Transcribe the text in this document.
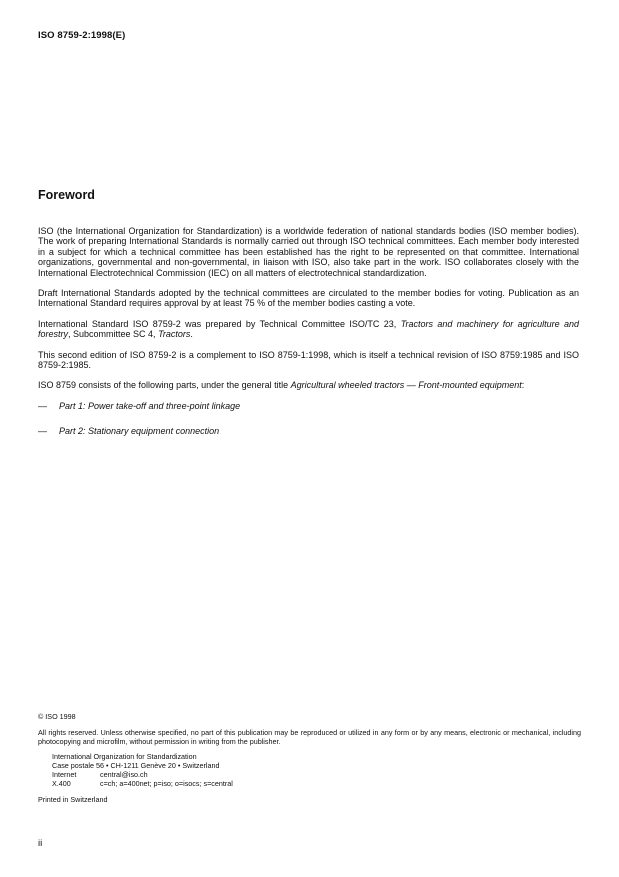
ISO 8759-2:1998(E)
Foreword

ISO (the International Organization for Standardization) is a worldwide federation of national standards bodies (ISO member bodies). The work of preparing International Standards is normally carried out through ISO technical committees. Each member body interested in a subject for which a technical committee has been established has the right to be represented on that committee. International organizations, governmental and non-governmental, in liaison with ISO, also take part in the work. ISO collaborates closely with the International Electrotechnical Commission (IEC) on all matters of electrotechnical standardization.

Draft International Standards adopted by the technical committees are circulated to the member bodies for voting. Publication as an International Standard requires approval by at least 75 % of the member bodies casting a vote.

International Standard ISO 8759-2 was prepared by Technical Committee ISO/TC 23, Tractors and machinery for agriculture and forestry, Subcommittee SC 4, Tractors.

This second edition of ISO 8759-2 is a complement to ISO 8759-1:1998, which is itself a technical revision of ISO 8759:1985 and ISO 8759-2:1985.

ISO 8759 consists of the following parts, under the general title Agricultural wheeled tractors — Front-mounted equipment:

—	Part 1: Power take-off and three-point linkage
—	Part 2: Stationary equipment connection
© ISO 1998
All rights reserved. Unless otherwise specified, no part of this publication may be reproduced or utilized in any form or by any means, electronic or mechanical, including photocopying and microfilm, without permission in writing from the publisher.
International Organization for Standardization
Case postale 56 • CH-1211 Genève 20 • Switzerland
Internet	central@iso.ch
X.400	c=ch; a=400net; p=iso; o=isocs; s=central
Printed in Switzerland
ii
